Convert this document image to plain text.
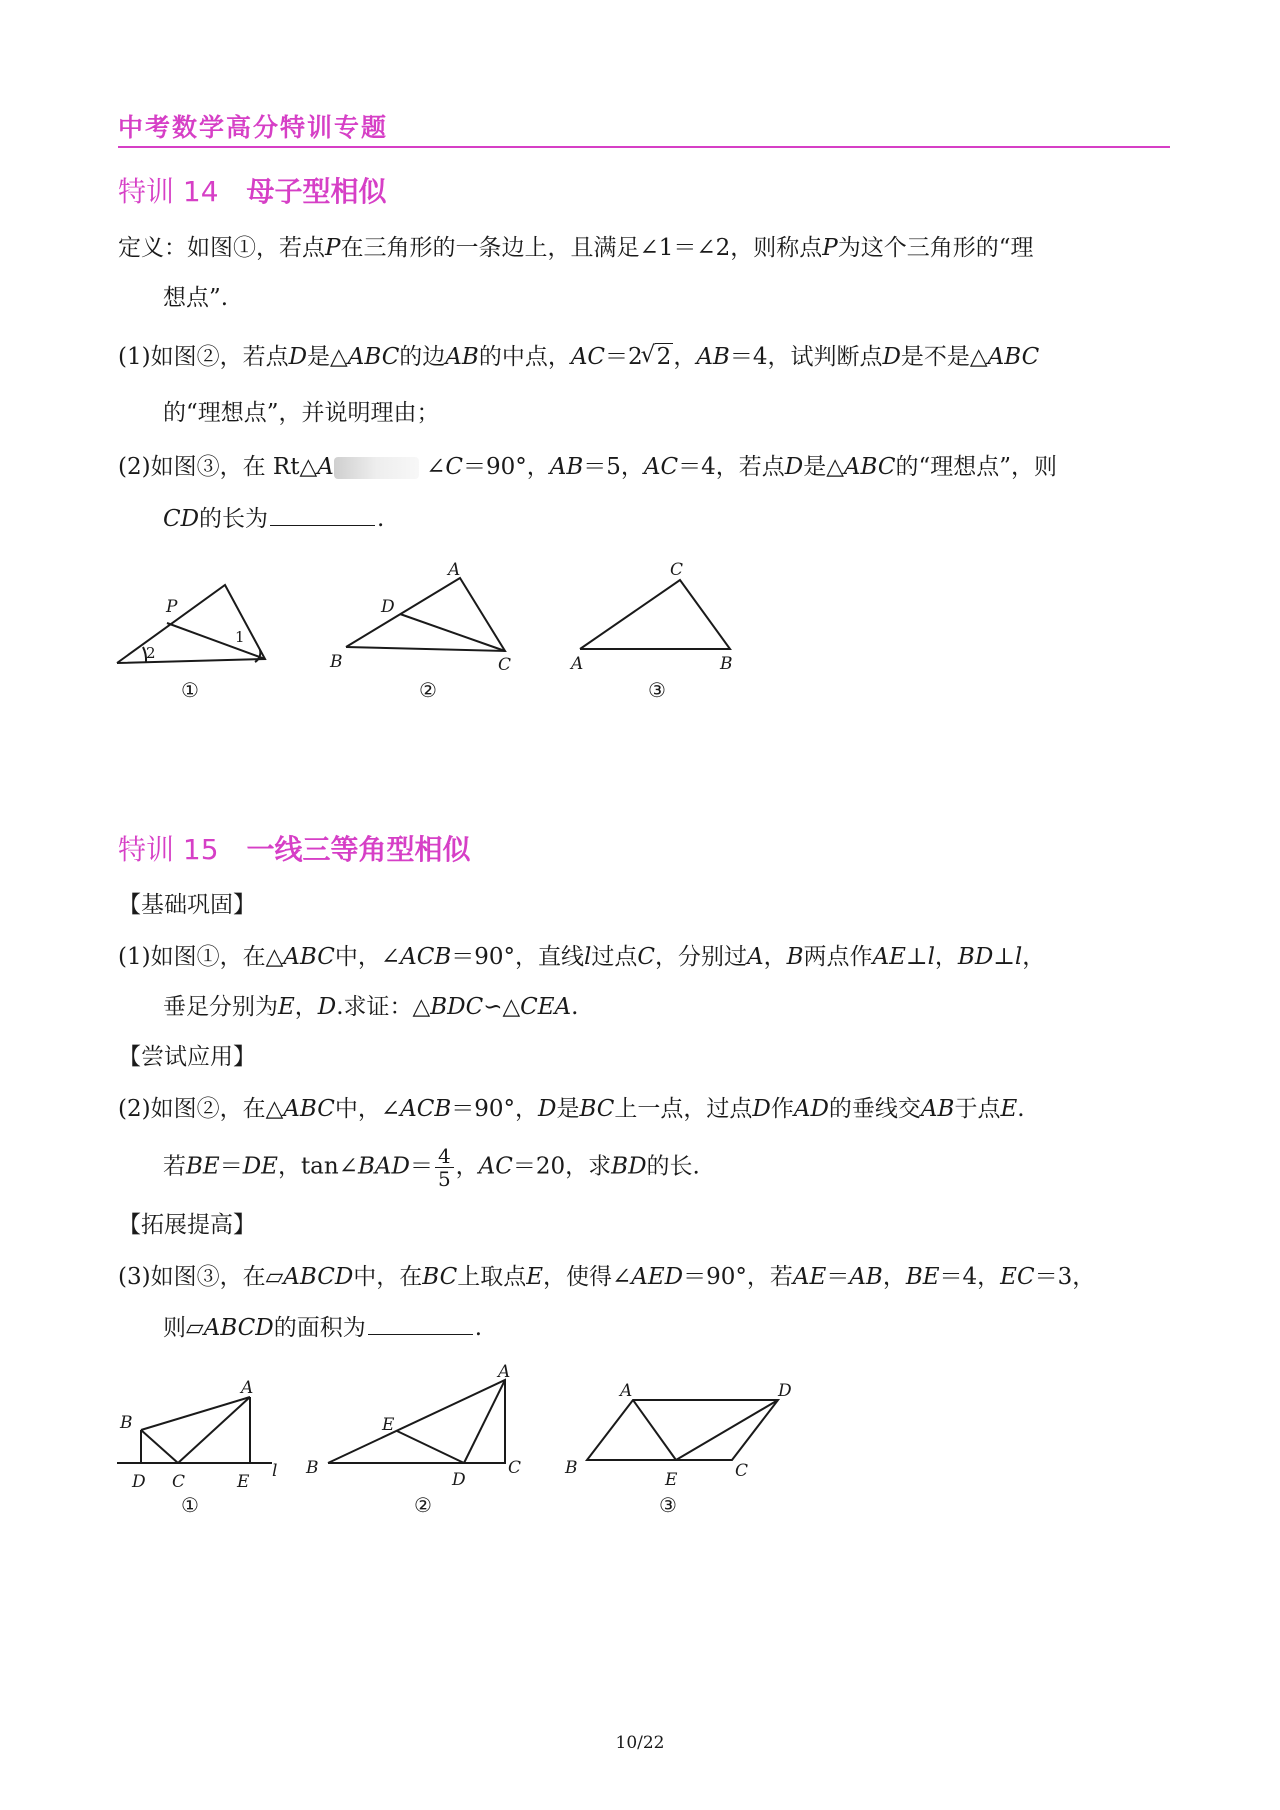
中考数学高分特训专题
特训 14 母子型相似
定义：如图①，若点P在三角形的一条边上，且满足∠1＝∠2，则称点P为这个三角形的“理
想点”.
(1)如图②，若点D是△ABC的边AB的中点，AC＝2√ 2，AB＝4，试判断点D是不是△ABC
的“理想点”，并说明理由；
(2)如图③，在 Rt△A	∠C＝90°，AB＝5，AC＝4，若点D是△ABC的“理想点”，则
CD的长为	.
P
2
1
A
D
B	C
C
A	B
①	②	③
特训 15 一线三等角型相似
【基础巩固】
(1)如图①，在△ABC中，∠ACB＝90°，直线l过点C，分别过A，B两点作AE⊥l，BD⊥l，
垂足分别为E，D.求证：△BDC∽△CEA.
【尝试应用】
(2)如图②，在△ABC中，∠ACB＝90°，D是BC上一点，过点D作AD的垂线交AB于点E.
若BE＝DE，tan∠BAD＝ $\frac{4}{5}$ ，AC＝20，求BD的长.
【拓展提高】
(3)如图③，在▱ABCD中，在BC上取点E，使得∠AED＝90°，若AE＝AB，BE＝4，EC＝3，
则▱ABCD的面积为	.
B
A
D C	E
l
A
E
B
D
C
A	D
B
E	C
①	②	③
10/22
